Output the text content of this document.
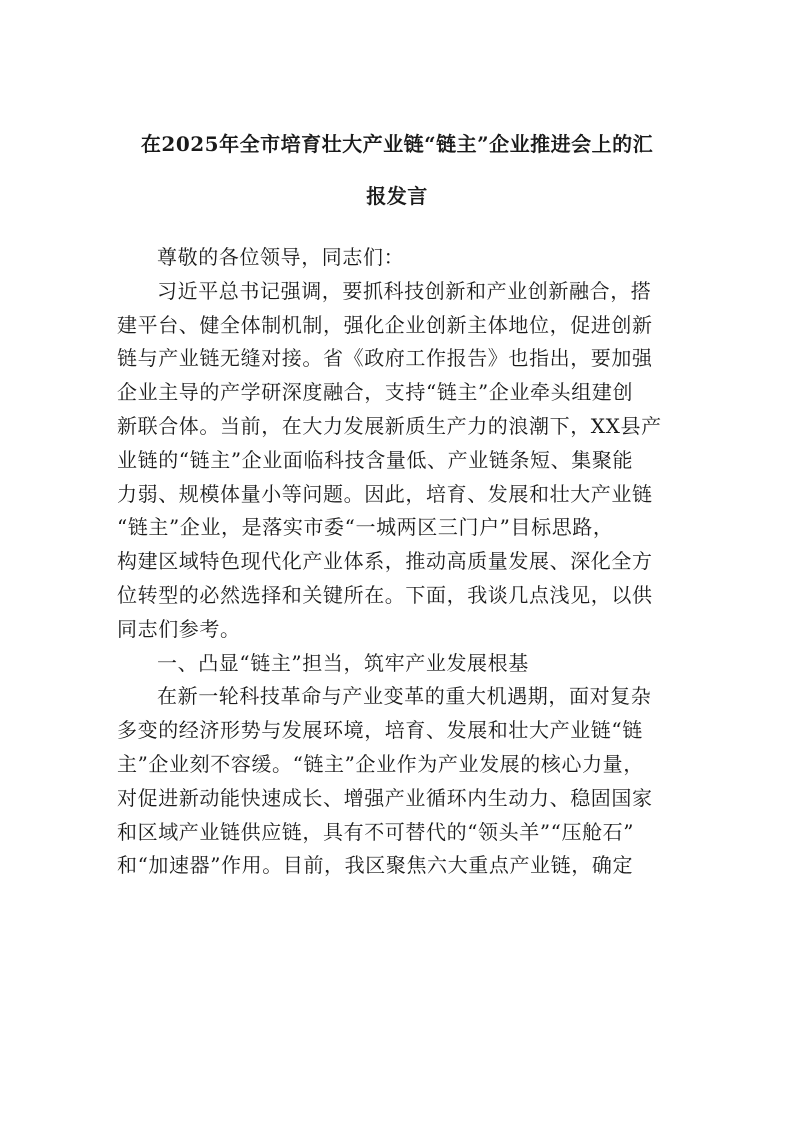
在2025年全市培育壮大产业链“链主”企业推进会上的汇
报发言

尊敬的各位领导，同志们：

习近平总书记强调，要抓科技创新和产业创新融合，搭

建平台、健全体制机制，强化企业创新主体地位，促进创新

链与产业链无缝对接。省《政府工作报告》也指出，要加强

企业主导的产学研深度融合，支持“链主”企业牵头组建创

新联合体。当前，在大力发展新质生产力的浪潮下，XX县产

业链的“链主”企业面临科技含量低、产业链条短、集聚能

力弱、规模体量小等问题。因此，培育、发展和壮大产业链

“链主”企业，是落实市委“一城两区三门户”目标思路，

构建区域特色现代化产业体系，推动高质量发展、深化全方

位转型的必然选择和关键所在。下面，我谈几点浅见，以供

同志们参考。

一、凸显“链主”担当，筑牢产业发展根基

在新一轮科技革命与产业变革的重大机遇期，面对复杂

多变的经济形势与发展环境，培育、发展和壮大产业链“链

主”企业刻不容缓。“链主”企业作为产业发展的核心力量，

对促进新动能快速成长、增强产业循环内生动力、稳固国家

和区域产业链供应链，具有不可替代的“领头羊”“压舱石”

和“加速器”作用。目前，我区聚焦六大重点产业链，确定
